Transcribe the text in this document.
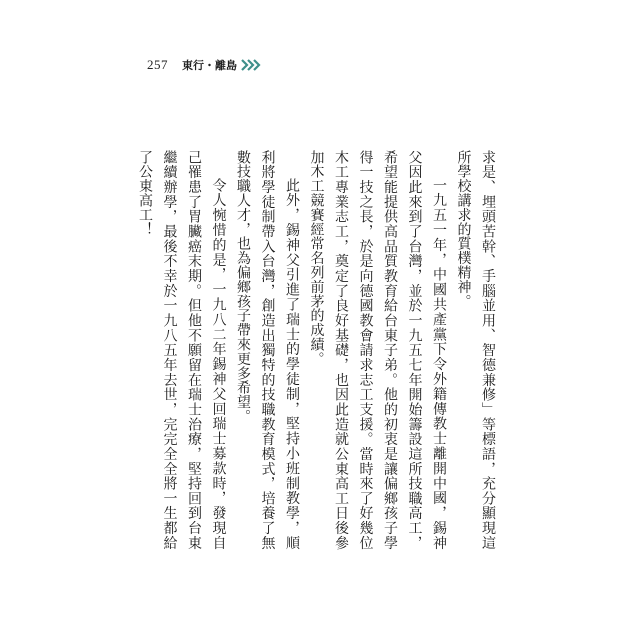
257 東行・離島

求是、埋頭苦幹、手腦並用、智德兼修」等標語，充分顯現這所學校講求的質樸精神。

一九五一年，中國共產黨下令外籍傳教士離開中國，錫神父因此來到了台灣，並於一九五七年開始籌設這所技職高工，希望能提供高品質教育給台東子弟。他的初衷是讓偏鄉孩子學得一技之長，於是向德國教會請求志工支援。當時來了好幾位木工專業志工，奠定了良好基礎，也因此造就公東高工日後參加木工競賽經常名列前茅的成績。

此外，錫神父引進了瑞士的學徒制，堅持小班制教學，順利將學徒制帶入台灣，創造出獨特的技職教育模式，培養了無數技職人才，也為偏鄉孩子帶來更多希望。

令人惋惜的是，一九八二年錫神父回瑞士募款時，發現自己罹患了胃臟癌末期。但他不願留在瑞士治療，堅持回到台東繼續辦學，最後不幸於一九八五年去世，完完全全將一生都給了公東高工！
